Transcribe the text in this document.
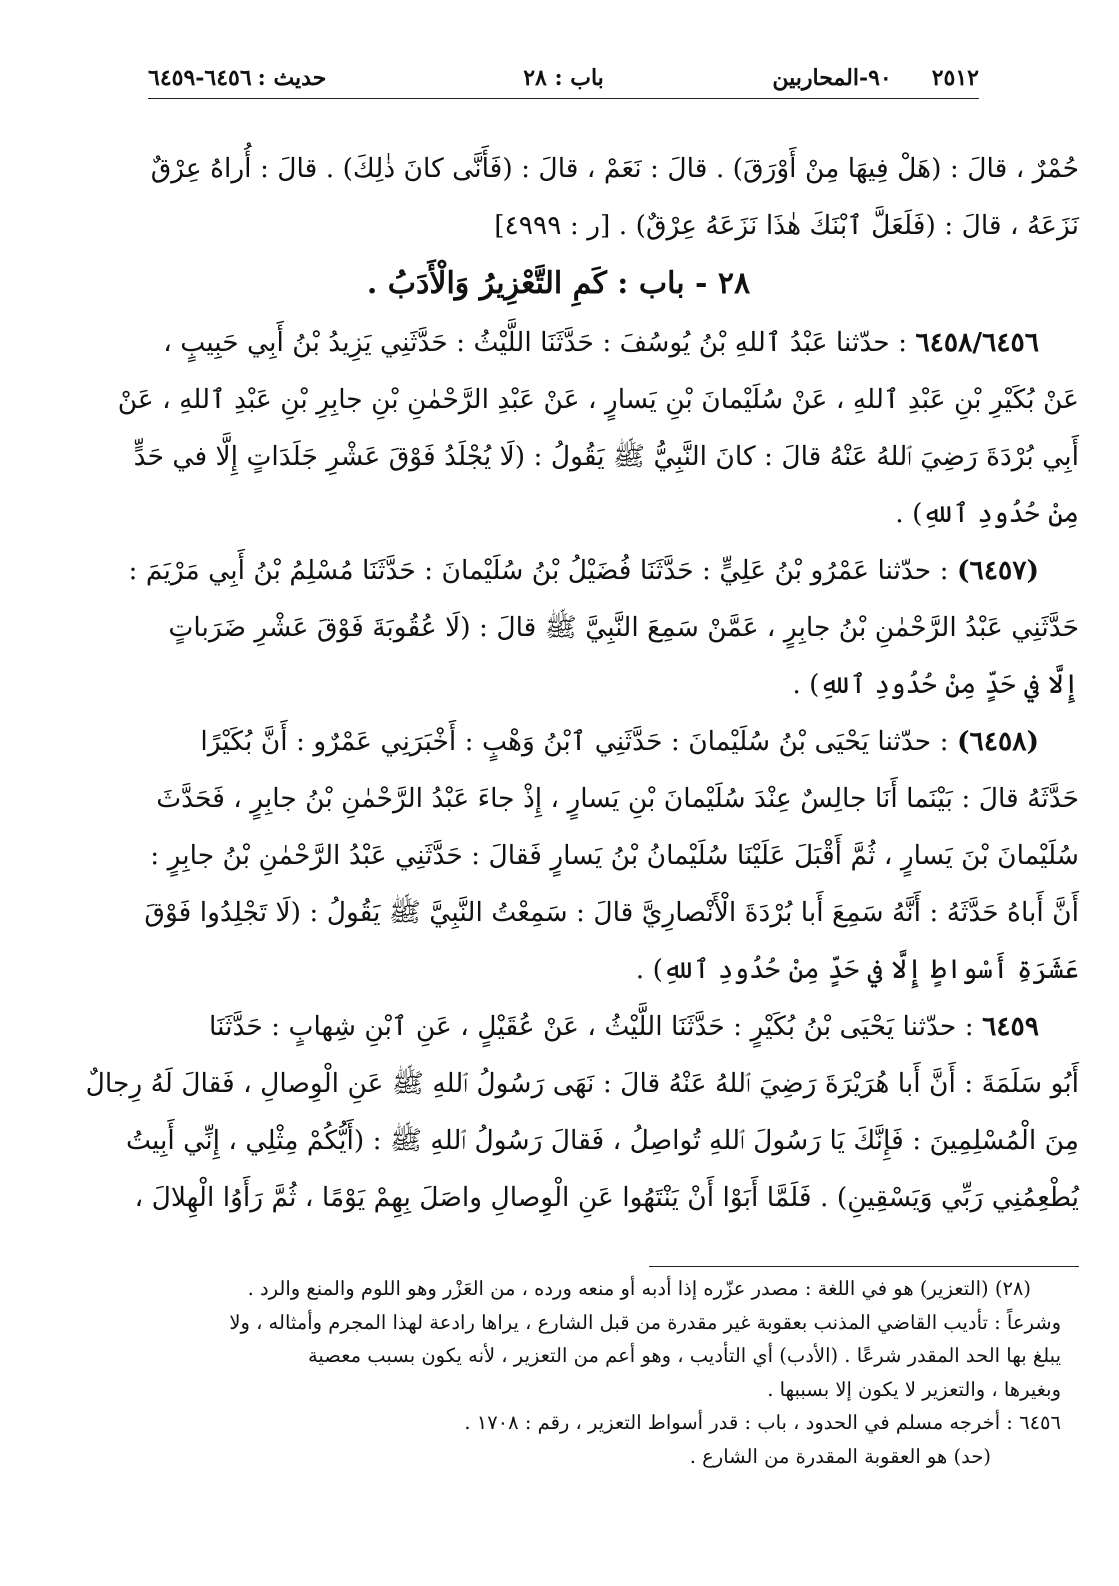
٢٥١٢
٩٠-المحاربين
باب : ٢٨
حديث :
٦٤٥٦-٦٤٥٩

حُمْرٌ ، قالَ : (هَلْ فِيهَا مِنْ أَوْرَقَ) . قالَ : نَعَمْ ، قالَ : (فَأَنَّى كانَ ذٰلِكَ) . قالَ : أُراهُ عِرْقٌ

نَزَعَهُ ، قالَ : (فَلَعَلَّ ٱبْنَكَ هٰذَا نَزَعَهُ عِرْقٌ) . [ر : ٤٩٩٩]

٢٨ - باب : كَمِ التَّعْزِيرُ وَالْأَدَبُ .

٦٤٥٨/٦٤٥٦ : حدّثنا عَبْدُ ٱللهِ بْنُ يُوسُفَ : حَدَّثَنَا اللَّيْثُ : حَدَّثَنِي يَزِيدُ بْنُ أَبِي حَبِيبٍ ،

عَنْ بُكَيْرِ بْنِ عَبْدِ ٱللهِ ، عَنْ سُلَيْمانَ بْنِ يَسارٍ ، عَنْ عَبْدِ الرَّحْمٰنِ بْنِ جابِرِ بْنِ عَبْدِ ٱللهِ ، عَنْ

أَبِي بُرْدَةَ رَضِيَ ٱللهُ عَنْهُ قالَ : كانَ النَّبِيُّ ﷺ يَقُولُ : (لَا يُجْلَدُ فَوْقَ عَشْرِ جَلَدَاتٍ إِلَّا في حَدٍّ

مِنْ حُدُودِ ٱللهِ) .

(٦٤٥٧) : حدّثنا عَمْرُو بْنُ عَلِيٍّ : حَدَّثَنَا فُضَيْلُ بْنُ سُلَيْمانَ : حَدَّثَنَا مُسْلِمُ بْنُ أَبِي مَرْيَمَ :

حَدَّثَنِي عَبْدُ الرَّحْمٰنِ بْنُ جابِرٍ ، عَمَّنْ سَمِعَ النَّبِيَّ ﷺ قالَ : (لَا عُقُوبَةَ فَوْقَ عَشْرِ ضَرَباتٍ

إِلَّا في حَدٍّ مِنْ حُدُودِ ٱللهِ) .

(٦٤٥٨) : حدّثنا يَحْيَى بْنُ سُلَيْمانَ : حَدَّثَنِي ٱبْنُ وَهْبٍ : أَخْبَرَنِي عَمْرٌو : أَنَّ بُكَيْرًا

حَدَّثَهُ قالَ : بَيْنَما أَنَا جالِسٌ عِنْدَ سُلَيْمانَ بْنِ يَسارٍ ، إِذْ جاءَ عَبْدُ الرَّحْمٰنِ بْنُ جابِرٍ ، فَحَدَّثَ

سُلَيْمانَ بْنَ يَسارٍ ، ثُمَّ أَقْبَلَ عَلَيْنَا سُلَيْمانُ بْنُ يَسارٍ فَقالَ : حَدَّثَنِي عَبْدُ الرَّحْمٰنِ بْنُ جابِرٍ :

أَنَّ أَباهُ حَدَّثَهُ : أَنَّهُ سَمِعَ أَبا بُرْدَةَ الْأَنْصارِيَّ قالَ : سَمِعْتُ النَّبِيَّ ﷺ يَقُولُ : (لَا تَجْلِدُوا فَوْقَ

عَشَرَةِ أَسْواطٍ إِلَّا في حَدٍّ مِنْ حُدُودِ ٱللهِ) .

٦٤٥٩ : حدّثنا يَحْيَى بْنُ بُكَيْرٍ : حَدَّثَنَا اللَّيْثُ ، عَنْ عُقَيْلٍ ، عَنِ ٱبْنِ شِهابٍ : حَدَّثَنَا

أَبُو سَلَمَةَ : أَنَّ أَبا هُرَيْرَةَ رَضِيَ ٱللهُ عَنْهُ قالَ : نَهَى رَسُولُ ٱللهِ ﷺ عَنِ الْوِصالِ ، فَقالَ لَهُ رِجالٌ

مِنَ الْمُسْلِمِينَ : فَإِنَّكَ يَا رَسُولَ ٱللهِ تُواصِلُ ، فَقالَ رَسُولُ ٱللهِ ﷺ : (أَيُّكُمْ مِثْلِي ، إِنِّي أَبِيتُ

يُطْعِمُنِي رَبِّي وَيَسْقِينِ) . فَلَمَّا أَبَوْا أَنْ يَنْتَهُوا عَنِ الْوِصالِ واصَلَ بِهِمْ يَوْمًا ، ثُمَّ رَأَوُا الْهِلالَ ،

(٢٨) (التعزير) هو في اللغة : مصدر عزّره إذا أدبه أو منعه ورده ، من العَزْر وهو اللوم والمنع والرد .

وشرعاً : تأديب القاضي المذنب بعقوبة غير مقدرة من قبل الشارع ، يراها رادعة لهذا المجرم وأمثاله ، ولا

يبلغ بها الحد المقدر شرعًا . (الأدب) أي التأديب ، وهو أعم من التعزير ، لأنه يكون بسبب معصية

وبغيرها ، والتعزير لا يكون إلا بسببها .

٦٤٥٦ : أخرجه مسلم في الحدود ، باب : قدر أسواط التعزير ، رقم : ١٧٠٨ .

(حد) هو العقوبة المقدرة من الشارع .
